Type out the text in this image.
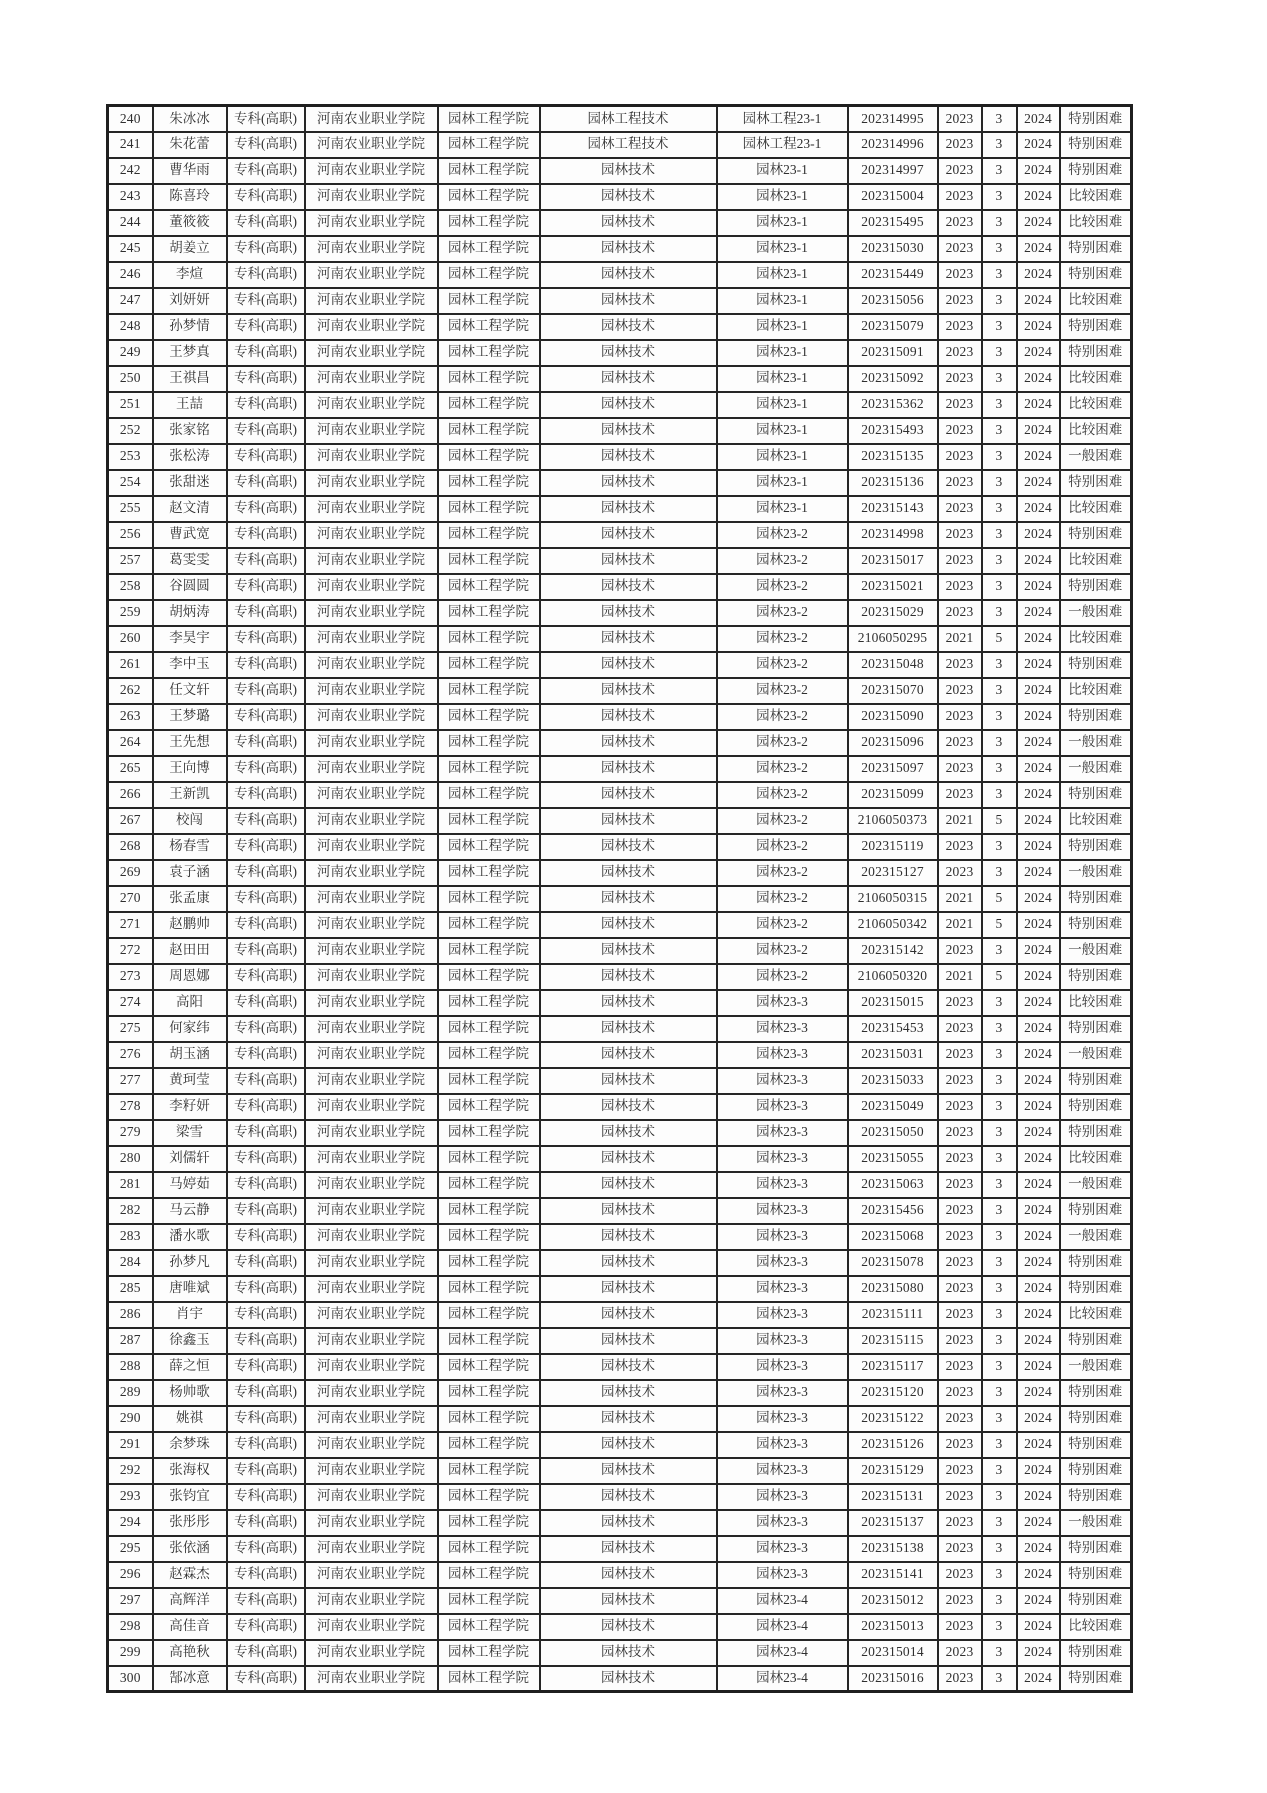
240	朱冰冰	专科(高职)	河南农业职业学院	园林工程学院	园林工程技术	园林工程23-1	202314995	2023	3	2024	特别困难
241	朱花蕾	专科(高职)	河南农业职业学院	园林工程学院	园林工程技术	园林工程23-1	202314996	2023	3	2024	特别困难
242	曹华雨	专科(高职)	河南农业职业学院	园林工程学院	园林技术	园林23-1	202314997	2023	3	2024	特别困难
243	陈喜玲	专科(高职)	河南农业职业学院	园林工程学院	园林技术	园林23-1	202315004	2023	3	2024	比较困难
244	董筱筱	专科(高职)	河南农业职业学院	园林工程学院	园林技术	园林23-1	202315495	2023	3	2024	比较困难
245	胡姜立	专科(高职)	河南农业职业学院	园林工程学院	园林技术	园林23-1	202315030	2023	3	2024	特别困难
246	李煊	专科(高职)	河南农业职业学院	园林工程学院	园林技术	园林23-1	202315449	2023	3	2024	特别困难
247	刘妍妍	专科(高职)	河南农业职业学院	园林工程学院	园林技术	园林23-1	202315056	2023	3	2024	比较困难
248	孙梦情	专科(高职)	河南农业职业学院	园林工程学院	园林技术	园林23-1	202315079	2023	3	2024	特别困难
249	王梦真	专科(高职)	河南农业职业学院	园林工程学院	园林技术	园林23-1	202315091	2023	3	2024	特别困难
250	王祺昌	专科(高职)	河南农业职业学院	园林工程学院	园林技术	园林23-1	202315092	2023	3	2024	比较困难
251	王喆	专科(高职)	河南农业职业学院	园林工程学院	园林技术	园林23-1	202315362	2023	3	2024	比较困难
252	张家铭	专科(高职)	河南农业职业学院	园林工程学院	园林技术	园林23-1	202315493	2023	3	2024	比较困难
253	张松涛	专科(高职)	河南农业职业学院	园林工程学院	园林技术	园林23-1	202315135	2023	3	2024	一般困难
254	张甜迷	专科(高职)	河南农业职业学院	园林工程学院	园林技术	园林23-1	202315136	2023	3	2024	特别困难
255	赵文清	专科(高职)	河南农业职业学院	园林工程学院	园林技术	园林23-1	202315143	2023	3	2024	比较困难
256	曹武宽	专科(高职)	河南农业职业学院	园林工程学院	园林技术	园林23-2	202314998	2023	3	2024	特别困难
257	葛雯雯	专科(高职)	河南农业职业学院	园林工程学院	园林技术	园林23-2	202315017	2023	3	2024	比较困难
258	谷圆圆	专科(高职)	河南农业职业学院	园林工程学院	园林技术	园林23-2	202315021	2023	3	2024	特别困难
259	胡炳涛	专科(高职)	河南农业职业学院	园林工程学院	园林技术	园林23-2	202315029	2023	3	2024	一般困难
260	李昊宇	专科(高职)	河南农业职业学院	园林工程学院	园林技术	园林23-2	2106050295	2021	5	2024	比较困难
261	李中玉	专科(高职)	河南农业职业学院	园林工程学院	园林技术	园林23-2	202315048	2023	3	2024	特别困难
262	任文轩	专科(高职)	河南农业职业学院	园林工程学院	园林技术	园林23-2	202315070	2023	3	2024	比较困难
263	王梦璐	专科(高职)	河南农业职业学院	园林工程学院	园林技术	园林23-2	202315090	2023	3	2024	特别困难
264	王先想	专科(高职)	河南农业职业学院	园林工程学院	园林技术	园林23-2	202315096	2023	3	2024	一般困难
265	王向博	专科(高职)	河南农业职业学院	园林工程学院	园林技术	园林23-2	202315097	2023	3	2024	一般困难
266	王新凯	专科(高职)	河南农业职业学院	园林工程学院	园林技术	园林23-2	202315099	2023	3	2024	特别困难
267	校闯	专科(高职)	河南农业职业学院	园林工程学院	园林技术	园林23-2	2106050373	2021	5	2024	比较困难
268	杨春雪	专科(高职)	河南农业职业学院	园林工程学院	园林技术	园林23-2	202315119	2023	3	2024	特别困难
269	袁子涵	专科(高职)	河南农业职业学院	园林工程学院	园林技术	园林23-2	202315127	2023	3	2024	一般困难
270	张孟康	专科(高职)	河南农业职业学院	园林工程学院	园林技术	园林23-2	2106050315	2021	5	2024	特别困难
271	赵鹏帅	专科(高职)	河南农业职业学院	园林工程学院	园林技术	园林23-2	2106050342	2021	5	2024	特别困难
272	赵田田	专科(高职)	河南农业职业学院	园林工程学院	园林技术	园林23-2	202315142	2023	3	2024	一般困难
273	周恩娜	专科(高职)	河南农业职业学院	园林工程学院	园林技术	园林23-2	2106050320	2021	5	2024	特别困难
274	高阳	专科(高职)	河南农业职业学院	园林工程学院	园林技术	园林23-3	202315015	2023	3	2024	比较困难
275	何家纬	专科(高职)	河南农业职业学院	园林工程学院	园林技术	园林23-3	202315453	2023	3	2024	特别困难
276	胡玉涵	专科(高职)	河南农业职业学院	园林工程学院	园林技术	园林23-3	202315031	2023	3	2024	一般困难
277	黄珂莹	专科(高职)	河南农业职业学院	园林工程学院	园林技术	园林23-3	202315033	2023	3	2024	特别困难
278	李籽妍	专科(高职)	河南农业职业学院	园林工程学院	园林技术	园林23-3	202315049	2023	3	2024	特别困难
279	梁雪	专科(高职)	河南农业职业学院	园林工程学院	园林技术	园林23-3	202315050	2023	3	2024	特别困难
280	刘儒轩	专科(高职)	河南农业职业学院	园林工程学院	园林技术	园林23-3	202315055	2023	3	2024	比较困难
281	马婷茹	专科(高职)	河南农业职业学院	园林工程学院	园林技术	园林23-3	202315063	2023	3	2024	一般困难
282	马云静	专科(高职)	河南农业职业学院	园林工程学院	园林技术	园林23-3	202315456	2023	3	2024	特别困难
283	潘水歌	专科(高职)	河南农业职业学院	园林工程学院	园林技术	园林23-3	202315068	2023	3	2024	一般困难
284	孙梦凡	专科(高职)	河南农业职业学院	园林工程学院	园林技术	园林23-3	202315078	2023	3	2024	特别困难
285	唐唯斌	专科(高职)	河南农业职业学院	园林工程学院	园林技术	园林23-3	202315080	2023	3	2024	特别困难
286	肖宇	专科(高职)	河南农业职业学院	园林工程学院	园林技术	园林23-3	202315111	2023	3	2024	比较困难
287	徐鑫玉	专科(高职)	河南农业职业学院	园林工程学院	园林技术	园林23-3	202315115	2023	3	2024	特别困难
288	薛之恒	专科(高职)	河南农业职业学院	园林工程学院	园林技术	园林23-3	202315117	2023	3	2024	一般困难
289	杨帅歌	专科(高职)	河南农业职业学院	园林工程学院	园林技术	园林23-3	202315120	2023	3	2024	特别困难
290	姚祺	专科(高职)	河南农业职业学院	园林工程学院	园林技术	园林23-3	202315122	2023	3	2024	特别困难
291	余梦珠	专科(高职)	河南农业职业学院	园林工程学院	园林技术	园林23-3	202315126	2023	3	2024	特别困难
292	张海权	专科(高职)	河南农业职业学院	园林工程学院	园林技术	园林23-3	202315129	2023	3	2024	特别困难
293	张钧宜	专科(高职)	河南农业职业学院	园林工程学院	园林技术	园林23-3	202315131	2023	3	2024	特别困难
294	张彤彤	专科(高职)	河南农业职业学院	园林工程学院	园林技术	园林23-3	202315137	2023	3	2024	一般困难
295	张依涵	专科(高职)	河南农业职业学院	园林工程学院	园林技术	园林23-3	202315138	2023	3	2024	特别困难
296	赵霖杰	专科(高职)	河南农业职业学院	园林工程学院	园林技术	园林23-3	202315141	2023	3	2024	特别困难
297	高辉洋	专科(高职)	河南农业职业学院	园林工程学院	园林技术	园林23-4	202315012	2023	3	2024	特别困难
298	高佳音	专科(高职)	河南农业职业学院	园林工程学院	园林技术	园林23-4	202315013	2023	3	2024	比较困难
299	高艳秋	专科(高职)	河南农业职业学院	园林工程学院	园林技术	园林23-4	202315014	2023	3	2024	特别困难
300	郜冰意	专科(高职)	河南农业职业学院	园林工程学院	园林技术	园林23-4	202315016	2023	3	2024	特别困难
